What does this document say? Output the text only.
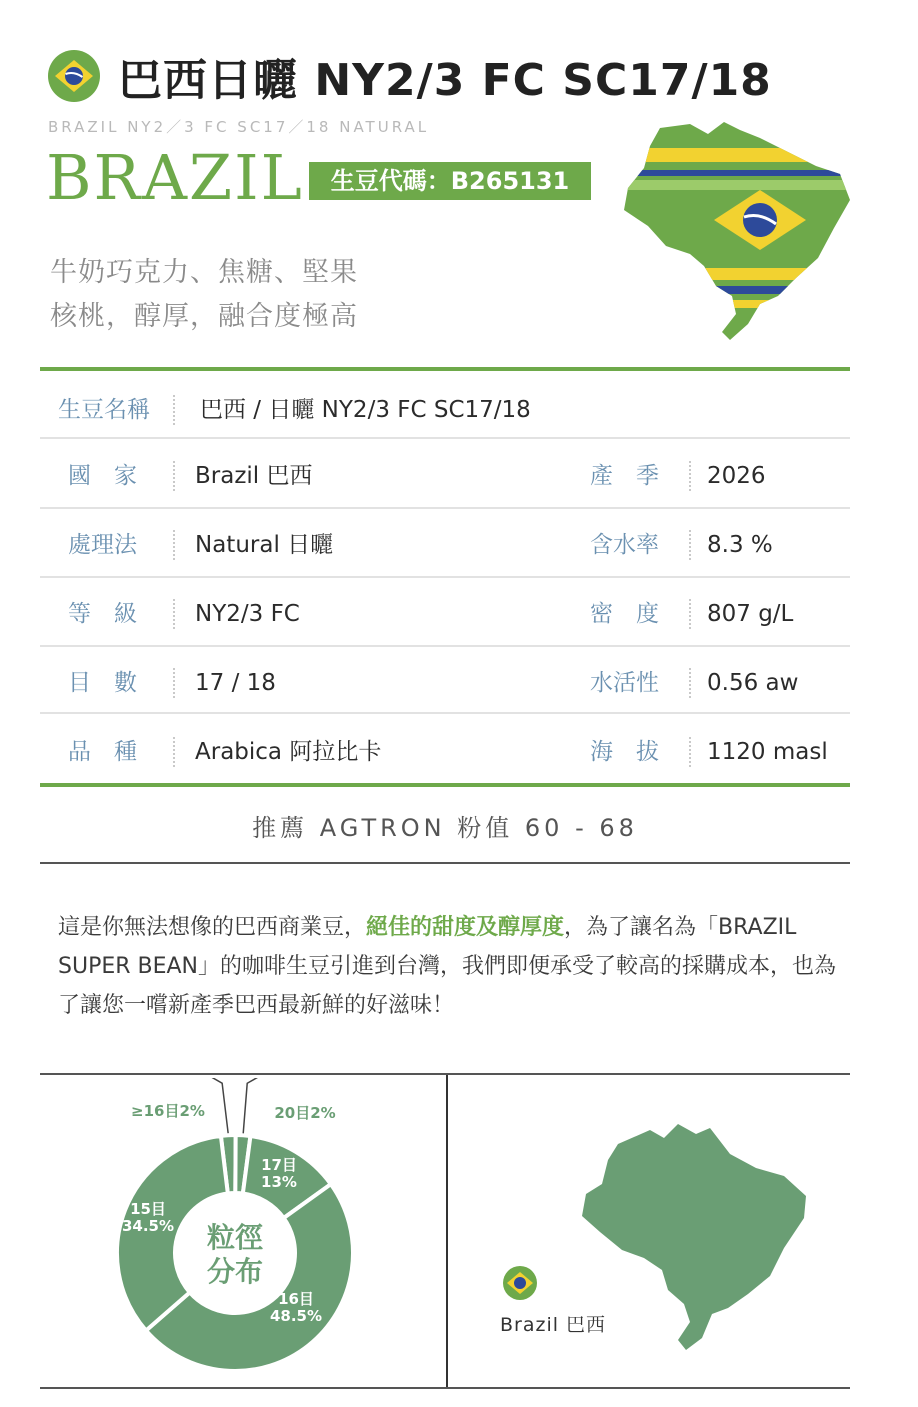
巴西日曬 NY2/3 FC SC17/18
BRAZIL NY2／3 FC SC17／18 NATURAL
BRAZIL	生豆代碼：B265131
牛奶巧克力、焦糖、堅果
核桃，醇厚，融合度極高
生豆名稱 巴西 / 日曬 NY2/3 FC SC17/18
國　家	Brazil 巴西	產　季 2026
處理法	Natural 日曬	含水率 8.3 %
等　級	NY2/3 FC	密　度 807 g/L
目　數	17 / 18	水活性 0.56 aw
品　種	Arabica 阿拉比卡	海　拔 1120 masl
推薦 AGTRON 粉值 60 - 68
這是你無法想像的巴西商業豆，絕佳的甜度及醇厚度，為了讓名為「BRAZIL SUPER BEAN」的咖啡生豆引進到台灣，我們即便承受了較高的採購成本，也為了讓您一嚐新產季巴西最新鮮的好滋味！
≥16目2%	20目2%
17目
13%
16目
48.5%
15目
34.5% 粒徑
分布
Brazil 巴西
